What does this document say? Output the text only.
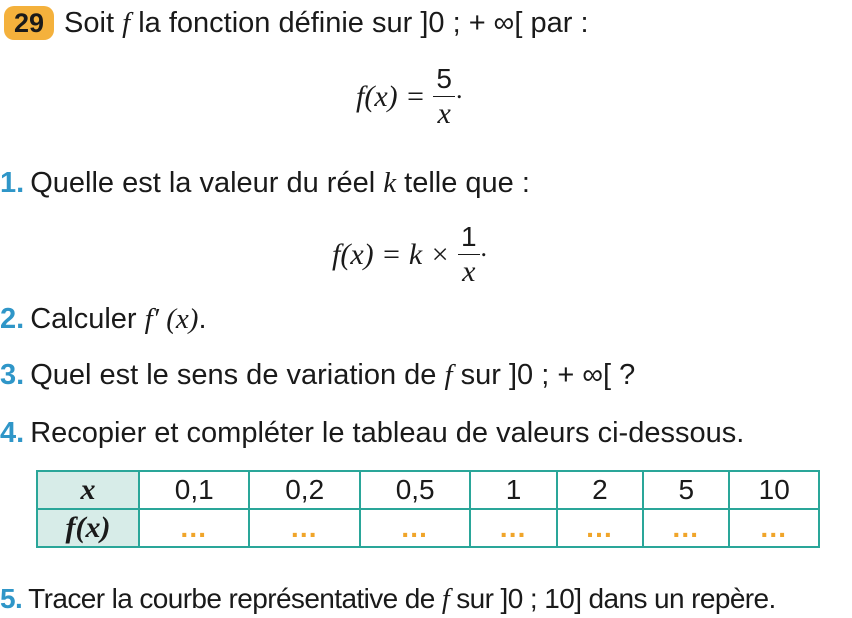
29 Soit f la fonction définie sur ]0 ; + ∞[ par :
$f(x) = \frac{5}{x}$ .
1. Quelle est la valeur du réel k telle que :
$f(x) = k \times \frac{1}{x}$ .
2. Calculer f′ (x).
3. Quel est le sens de variation de f sur ]0 ; + ∞[ ?
4. Recopier et compléter le tableau de valeurs ci-dessous.
x	0,1	0,2	0,5	1	2	5	10
f(x)	…	…	…	…	…	…	…
5. Tracer la courbe représentative de f sur ]0 ; 10] dans un repère.
